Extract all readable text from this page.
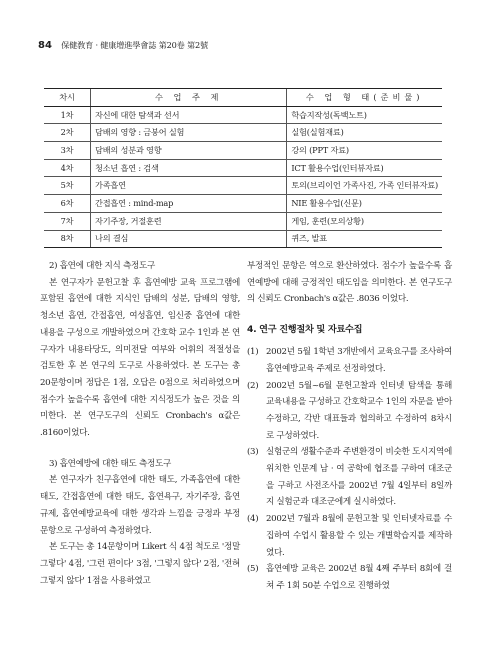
84 保健敎育 · 健康增進學會誌 第20卷 第2號
차시	수 업 주 제	수 업 형 태(준비물)
1차	자신에 대한 탐색과 선서	학습지작성(독백노트)
2차	담배의 영향 : 금붕어 실험	실험(실험재료)
3차	담배의 성분과 영향	강의 (PPT 자료)
4차	청소년 흡연 : 검색	ICT 활용수업(인터뷰자료)
5차	가족흡연	토의(브리이언 가족사진, 가족 인터뷰자료)
6차	간접흡연 : mind-map	NIE 활용수업(신문)
7차	자기주장, 거절훈련	게임, 훈련(모의상황)
8차	나의 결심	퀴즈, 발표
2) 흡연에 대한 지식 측정도구

본 연구자가 문헌고찰 후 흡연예방 교육 프로그램에 포함된 흡연에 대한 지식인 담배의 성분, 담배의 영향, 청소년 흡연, 간접흡연, 여성흡연, 임신중 흡연에 대한 내용을 구성으로 개발하였으며 간호학 교수 1인과 본 연구자가 내용타당도, 의미전달 여부와 어휘의 적절성을 검토한 후 본 연구의 도구로 사용하였다. 본 도구는 총 20문항이며 정답은 1점, 오답은 0점으로 처리하였으며 점수가 높을수록 흡연에 대한 지식정도가 높은 것을 의미한다. 본 연구도구의 신뢰도 Cronbach's α값은 .8160이었다.

3) 흡연예방에 대한 태도 측정도구

본 연구자가 친구흡연에 대한 태도, 가족흡연에 대한 태도, 간접흡연에 대한 태도, 흡연욕구, 자기주장, 흡연규제, 흡연예방교육에 대한 생각과 느낌을 긍정과 부정문항으로 구성하여 측정하였다.

본 도구는 총 14문항이며 Likert 식 4점 척도로 '정말 그렇다' 4점, '그런 편이다' 3점, '그렇지 않다' 2점, '전혀 그렇지 않다' 1점을 사용하였고

부정적인 문항은 역으로 환산하였다. 점수가 높을수록 흡연예방에 대해 긍정적인 태도임을 의미한다. 본 연구도구의 신뢰도 Cronbach's α값은 .8036 이었다.

4. 연구 진행절차 및 자료수집
(1) 2002년 5월 1학년 3개반에서 교육요구를 조사하여 흡연예방교육 주제로 선정하였다.
(2) 2002년 5월~6월 문헌고찰과 인터넷 탐색을 통해 교육내용을 구성하고 간호학교수 1인의 자문을 받아 수정하고, 각반 대표들과 협의하고 수정하여 8차시로 구성하였다.
(3) 실험군의 생활수준과 주변환경이 비슷한 도시지역에 위치한 인문계 남 · 여 공학에 협조를 구하여 대조군을 구하고 사전조사를 2002년 7월 4일부터 8일까지 실험군과 대조군에게 실시하였다.
(4) 2002년 7월과 8월에 문헌고찰 및 인터넷자료를 수집하여 수업시 활용할 수 있는 개별학습지를 제작하였다.
(5) 흡연예방 교육은 2002년 8월 4째 주부터 8회에 걸쳐 주 1회 50분 수업으로 진행하였
